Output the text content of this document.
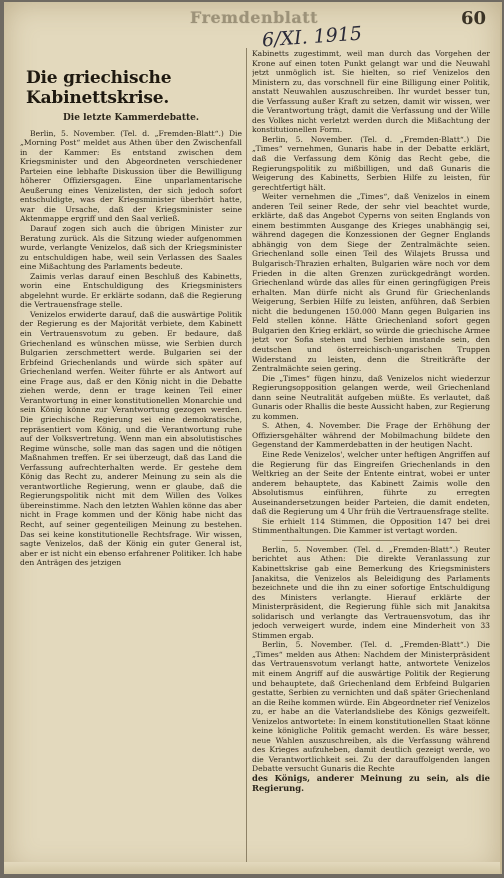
Fremdenblatt	60
6/XI. 1915
Die griechische Kabinettskrise.
Die letzte Kammerdebatte.

Berlin, 5. November. (Tel. d. „Fremden-Blatt“.) Die „Morning Post“ meldet aus Athen über den Zwischenfall in der Kammer: Es entstand zwischen dem Kriegsminister und den Abgeordneten verschiedener Parteien eine lebhafte Diskussion über die Bewilligung höherer Offiziersgagen. Eine unparlamentarische Aeußerung eines Venizelisten, der sich jedoch sofort entschuldigte, was der Kriegsminister überhört hatte, war die Ursache, daß der Kriegsminister seine Aktenmappe ergriff und den Saal verließ.

Darauf zogen sich auch die übrigen Minister zur Beratung zurück. Als die Sitzung wieder aufgenommen wurde, verlangte Venizelos, daß sich der Kriegsminister zu entschuldigen habe, weil sein Verlassen des Saales eine Mißachtung des Parlaments bedeute.

Zaimis verlas darauf einen Beschluß des Kabinetts, worin eine Entschuldigung des Kriegsministers abgelehnt wurde. Er erklärte sodann, daß die Regierung die Vertrauensfrage stelle.

Venizelos erwiderte darauf, daß die auswärtige Politik der Regierung es der Majorität verbiete, dem Kabinett ein Vertrauensvotum zu geben. Er bedaure, daß Griechenland es wünschen müsse, wie Serbien durch Bulgarien zerschmettert werde. Bulgarien sei der Erbfeind Griechenlands und würde sich später auf Griechenland werfen. Weiter führte er als Antwort auf eine Frage aus, daß er den König nicht in die Debatte ziehen werde, denn er trage keinen Teil einer Verantwortung in einer konstitutionellen Monarchie und sein König könne zur Verantwortung gezogen werden. Die griechische Regierung sei eine demokratische, repräsentiert vom König, und die Verantwortung ruhe auf der Volksvertretung. Wenn man ein absolutistisches Regime wünsche, solle man das sagen und die nötigen Maßnahmen treffen. Er sei überzeugt, daß das Land die Verfassung aufrechterhalten werde. Er gestehe dem König das Recht zu, anderer Meinung zu sein als die verantwortliche Regierung, wenn er glaube, daß die Regierungspolitik nicht mit dem Willen des Volkes übereinstimme. Nach den letzten Wahlen könne das aber nicht in Frage kommen und der König habe nicht das Recht, auf seiner gegenteiligen Meinung zu bestehen. Das sei keine konstitutionelle Rechtsfrage. Wir wissen, sagte Venizelos, daß der König ein guter General ist, aber er ist nicht ein ebenso erfahrener Politiker. Ich habe den Anträgen des jetzigen

Kabinetts zugestimmt, weil man durch das Vorgehen der Krone auf einen toten Punkt gelangt war und die Neuwahl jetzt unmöglich ist. Sie hielten, so rief Venizelos den Ministern zu, das vorschnell für eine Billigung einer Politik, anstatt Neuwahlen auszuschreiben. Ihr wurdet besser tun, die Verfassung außer Kraft zu setzen, damit wir wissen, wer die Verantwortung trägt, damit die Verfassung und der Wille des Volkes nicht verletzt werden durch die Mißachtung der konstitutionellen Form.

Berlin, 5. November. (Tel. d. „Fremden-Blatt“.) Die „Times“ vernehmen, Gunaris habe in der Debatte erklärt, daß die Verfassung dem König das Recht gebe, die Regierungspolitik zu mißbilligen, und daß Gunaris die Weigerung des Kabinetts, Serbien Hilfe zu leisten, für gerechtfertigt hält.

Weiter vernehmen die „Times“, daß Venizelos in einem anderen Teil seiner Rede, der sehr viel beachtet wurde, erklärte, daß das Angebot Cyperns von seiten Englands von einem bestimmten Ausgange des Krieges unabhängig sei, während dagegen die Konzessionen der Gegner Englands abhängig von dem Siege der Zentralmächte seien. Griechenland solle einen Teil des Wilajets Brussa und Bulgarisch-Thrazien erhalten, Bulgarien wäre noch vor dem Frieden in die alten Grenzen zurückgedrängt worden. Griechenland würde das alles für einen geringfügigen Preis erhalten. Man dürfe nicht als Grund für Griechenlands Weigerung, Serbien Hilfe zu leisten, anführen, daß Serbien nicht die bedungenen 150.000 Mann gegen Bulgarien ins Feld stellen könne. Hätte Griechenland sofort gegen Bulgarien den Krieg erklärt, so würde die griechische Armee jetzt vor Sofia stehen und Serbien imstande sein, den deutschen und österreichisch-ungarischen Truppen Widerstand zu leisten, denn die Streitkräfte der Zentralmächte seien gering.

Die „Times“ fügen hinzu, daß Venizelos nicht wiederzur Regierungsopposition gelangen werde, weil Griechenland dann seine Neutralität aufgeben müßte. Es verlautet, daß Gunaris oder Rhallis die beste Aussicht haben, zur Regierung zu kommen.

S. Athen, 4. November. Die Frage der Erhöhung der Offiziersgehälter während der Mobilmachung bildete den Gegenstand der Kammerdebatten in der heutigen Nacht.

Eine Rede Venizelos', welcher unter heftigen Angriffen auf die Regierung für das Eingreifen Griechenlands in den Weltkrieg an der Seite der Entente eintrat, wobei er unter anderem behauptete, das Kabinett Zaimis wolle den Absolutismus einführen, führte zu erregten Auseinandersetzungen beider Parteien, die damit endeten, daß die Regierung um 4 Uhr früh die Vertrauensfrage stellte.

Sie erhielt 114 Stimmen, die Opposition 147 bei drei Stimmenthaltungen. Die Kammer ist vertagt worden.

Berlin, 5. November. (Tel. d. „Fremden-Blatt“.) Reuter berichtet aus Athen: Die direkte Veranlassung zur Kabinettskrise gab eine Bemerkung des Kriegsministers Janakitsa, die Venizelos als Beleidigung des Parlaments bezeichnete und die ihn zu einer sofortige Entschuldigung des Ministers verlangte. Hierauf erklärte der Ministerpräsident, die Regierung fühle sich mit Janakitsa solidarisch und verlangte das Vertrauensvotum, das ihr jedoch verweigert wurde, indem eine Minderheit von 33 Stimmen ergab.

Berlin, 5. November. (Tel. d. „Fremden-Blatt“.) Die „Times“ melden aus Athen: Nachdem der Ministerpräsident das Vertrauensvotum verlangt hatte, antwortete Venizelos mit einem Angriff auf die auswärtige Politik der Regierung und behauptete, daß Griechenland dem Erbfeind Bulgarien gestatte, Serbien zu vernichten und daß später Griechenland an die Reihe kommen würde. Ein Abgeordneter rief Venizelos zu, er habe an die Vaterlandsliebe des Königs gezweifelt. Venizelos antwortete: In einem konstitutionellen Staat könne keine königliche Politik gemacht werden. Es wäre besser, neue Wahlen auszuschreiben, als die Verfassung während des Krieges aufzuheben, damit deutlich gezeigt werde, wo die Verantwortlichkeit sei. Zu der darauffolgenden langen Debatte versucht Gunaris die Rechte

des Königs, anderer Meinung zu sein, als die Regierung.
